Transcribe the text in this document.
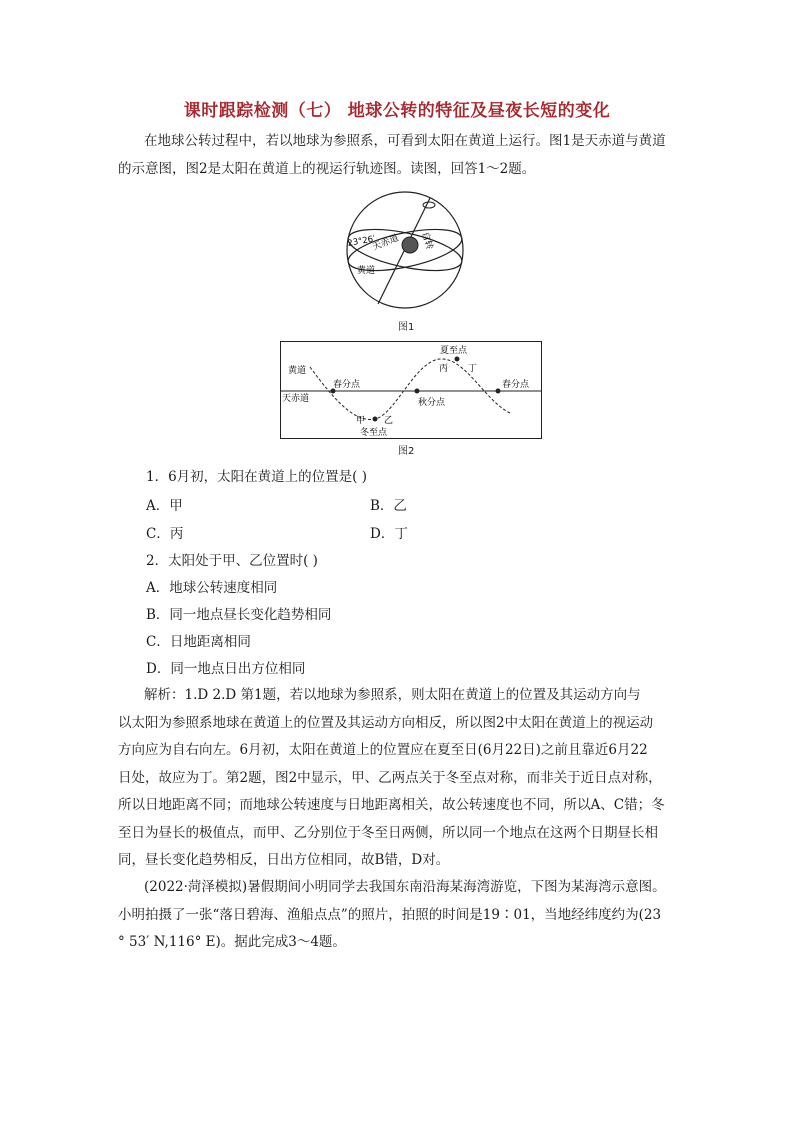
课时跟踪检测（七） 地球公转的特征及昼夜长短的变化
在地球公转过程中，若以地球为参照系，可看到太阳在黄道上运行。图1是天赤道与黄道
的示意图，图2是太阳在黄道上的视运行轨迹图。读图，回答1～2题。
自转
天赤道
23°26′
黄道
图1
黄道
天赤道
春分点
秋分点
夏至点
冬至点
春分点
甲 乙
丙 丁
图2
1．6月初，太阳在黄道上的位置是( )
A．甲	B．乙
C．丙	D．丁
2．太阳处于甲、乙位置时( )
A．地球公转速度相同
B．同一地点昼长变化趋势相同
C．日地距离相同
D．同一地点日出方位相同
解析：1.D 2.D 第1题，若以地球为参照系，则太阳在黄道上的位置及其运动方向与
以太阳为参照系地球在黄道上的位置及其运动方向相反，所以图2中太阳在黄道上的视运动
方向应为自右向左。6月初，太阳在黄道上的位置应在夏至日(6月22日)之前且靠近6月22
日处，故应为丁。第2题，图2中显示，甲、乙两点关于冬至点对称，而非关于近日点对称，
所以日地距离不同；而地球公转速度与日地距离相关，故公转速度也不同，所以A、C错；冬
至日为昼长的极值点，而甲、乙分别位于冬至日两侧，所以同一个地点在这两个日期昼长相
同，昼长变化趋势相反，日出方位相同，故B错，D对。
(2022·菏泽模拟)暑假期间小明同学去我国东南沿海某海湾游览，下图为某海湾示意图。
小明拍摄了一张“落日碧海、渔船点点”的照片，拍照的时间是19∶01，当地经纬度约为(23
° 53′ N,116° E)。据此完成3～4题。
